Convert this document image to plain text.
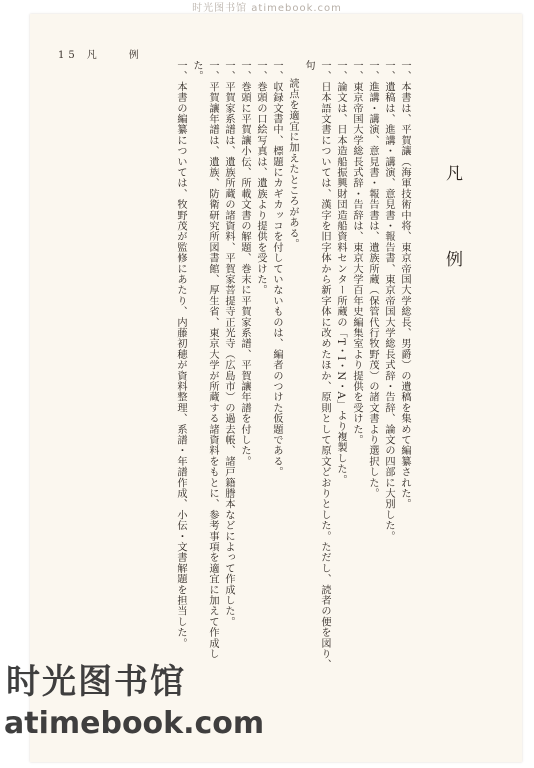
时光图书馆 atimebook.com
15 凡　　例
凡　例

一、本書は、平賀讓（海軍技術中将、東京帝国大学総長、男爵）の遺稿を集めて編纂された。

一、遺稿は、進講・講演、意見書・報告書、東京帝国大学総長式辞・告辞、論文の四部に大別した。

一、進講・講演、意見書・報告書は、遺族所蔵（保管代行牧野茂）の諸文書より選択した。

一、東京帝国大学総長式辞・告辞は、東京大学百年史編集室より提供を受けた。

一、論文は、日本造船振興財団造船資料センター所蔵の「T・I・N・A」より複製した。

一、日本語文書については、漢字を旧字体から新字体に改めたほか、原則として原文どおりとした。ただし、読者の便を図り、句

読点を適宜に加えたところがある。

一、収録文書中、標題にカギカッコを付していないものは、編者のつけた仮題である。

一、巻頭の口絵写真は、遺族より提供を受けた。

一、巻頭に平賀讓小伝、所載文書の解題、巻末に平賀家系譜、平賀讓年譜を付した。

一、平賀家系譜は、遺族所蔵の諸資料、平賀家菩提寺正光寺（広島市）の過去帳、諸戸籍謄本などによって作成した。

一、平賀讓年譜は、遺族、防衛研究所図書館、厚生省、東京大学が所蔵する諸資料をもとに、参考事項を適宜に加えて作成した。

一、本書の編纂については、牧野茂が監修にあたり、内藤初穂が資料整理、系譜・年譜作成、小伝・文書解題を担当した。

时光图书馆
atimebook.com
